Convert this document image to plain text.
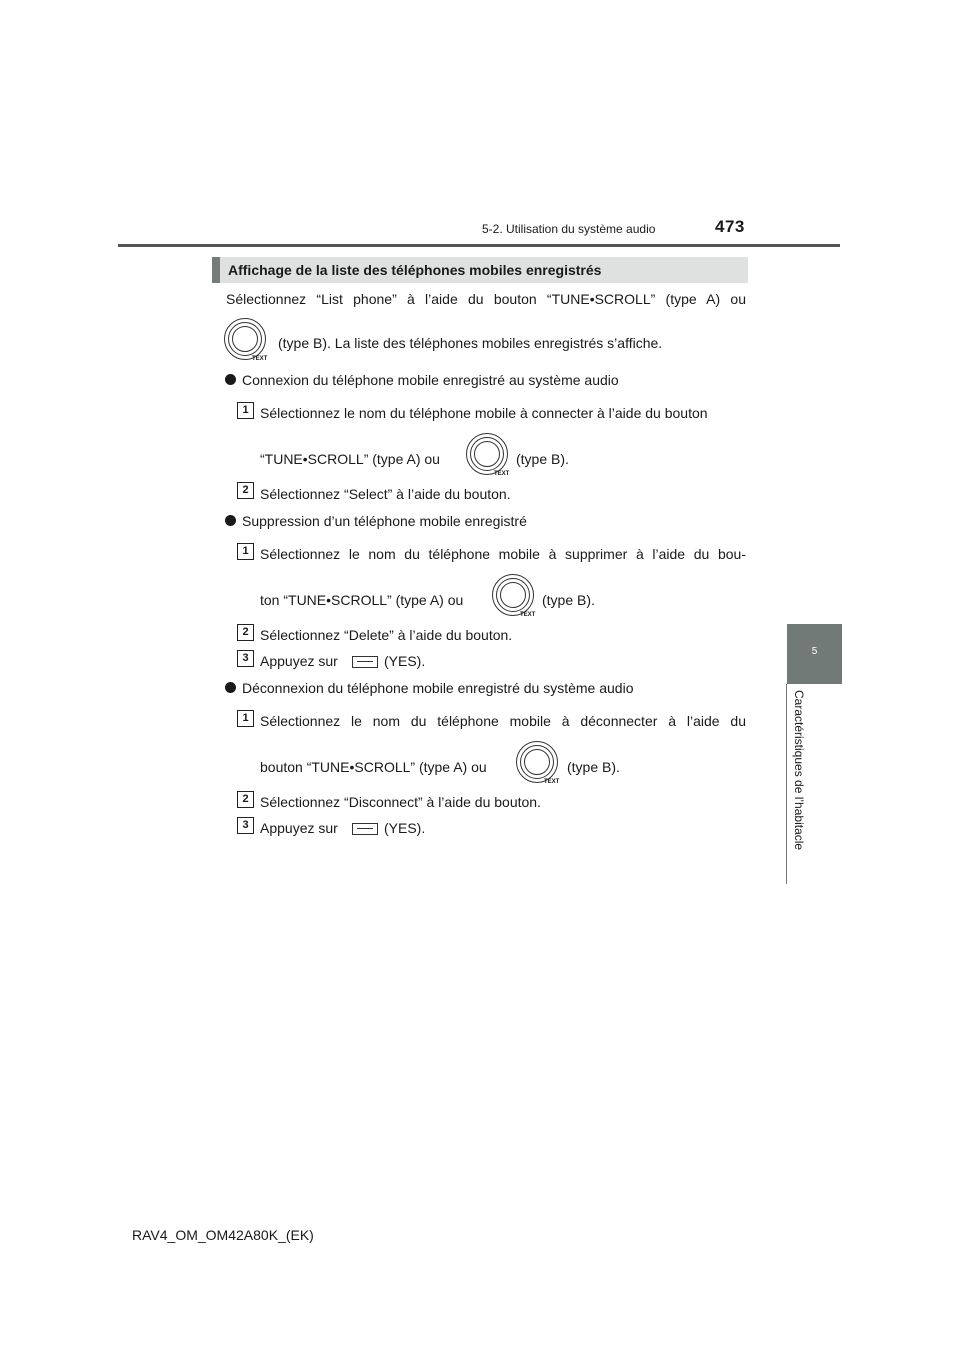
5-2. Utilisation du système audio	473
5
Caractéristiques de l’habitacle
Affichage de la liste des téléphones mobiles enregistrés
Sélectionnez “List phone” à l’aide du bouton “TUNE•SCROLL” (type A) ou
TEXT
(type B). La liste des téléphones mobiles enregistrés s’affiche.
Connexion du téléphone mobile enregistré au système audio
1 Sélectionnez le nom du téléphone mobile à connecter à l’aide du bouton
“TUNE•SCROLL” (type A) ou
TEXT
(type B).
2 Sélectionnez “Select” à l’aide du bouton.
Suppression d’un téléphone mobile enregistré
1 Sélectionnez le nom du téléphone mobile à supprimer à l’aide du bou-
ton “TUNE•SCROLL” (type A) ou
TEXT
(type B).
2 Sélectionnez “Delete” à l’aide du bouton.
3 Appuyez sur	(YES).
Déconnexion du téléphone mobile enregistré du système audio
1 Sélectionnez le nom du téléphone mobile à déconnecter à l’aide du
bouton “TUNE•SCROLL” (type A) ou
TEXT
(type B).
2 Sélectionnez “Disconnect” à l’aide du bouton.
3 Appuyez sur	(YES).
RAV4_OM_OM42A80K_(EK)
